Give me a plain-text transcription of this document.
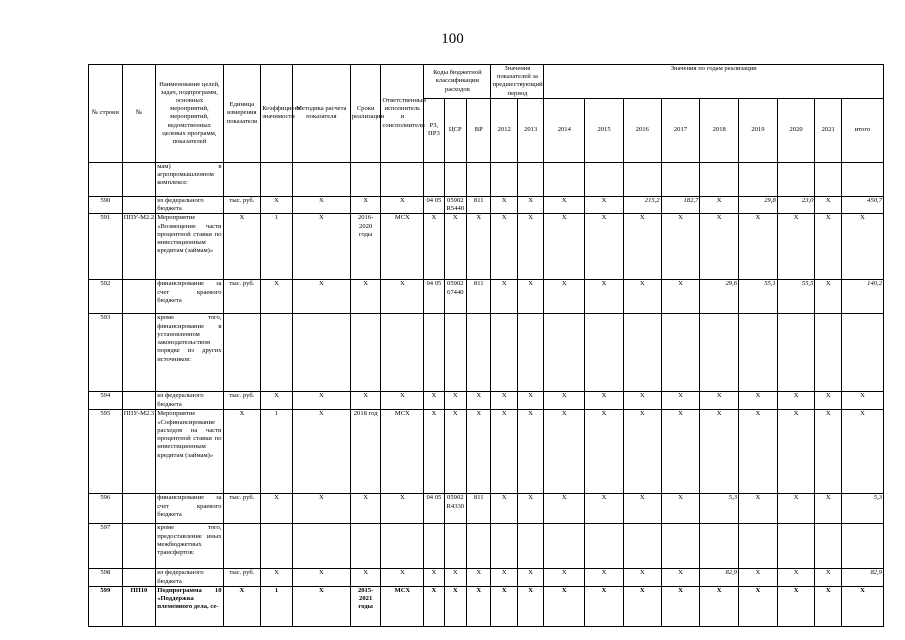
100
№ строки	№	Наименование целей, задач, подпрограмм, основных мероприятий, мероприятий, ведомственных целевых программ, показателей	Единица измерения показателя	Коэффициент значимости	Методика расчета показателя	Сроки реализации	Ответственный исполнитель и соисполнители	Коды бюджетной классификации расходов			Значения показателей за предшествующий период		Значения по годам реализации								
								РЗ, ПР3	ЦСР	ВР	2012	2013	2014	2015	2016	2017	2018	2019	2020	2021	итого
		мам) в агропромышленном комплексе:																			
590		из федерального бюджета	тыс. руб.	X	X	X	X	04 05	05902 R5440	811	X	X	X	X	215,2	182,7	X	29,8	23,0	X	450,7
591	ППУ-М2.2	Мероприятие «Возмещение части процентной ставки по инвестиционным кредитам (займам)»	X	1	X	2016-2020 годы	МСХ	X	X	X	X	X	X	X	X	X	X	X	X	X	X
592		финансирование за счет краевого бюджета	тыс. руб.	X	X	X	X	04 05	05902 67440	811	X	X	X	X	X	X	29,6	55,1	55,5	X	140,2
593		кроме того, финансирование в установленном законодательством порядке из других источников:																			
594		из федерального бюджета	тыс. руб.	X	X	X	X	X	X	X	X	X	X	X	X	X	X	X	X	X	X
595	ППУ-М2.3	Мероприятие «Софинансирование расходов на части процентной ставки по инвестиционным кредитам (займам)»	X	1	X	2018 год	МСХ	X	X	X	X	X	X	X	X	X	X	X	X	X	X
596		финансирование за счет краевого бюджета	тыс. руб.	X	X	X	X	04 05	05902 R4330	811	X	X	X	X	X	X	5,3	X	X	X	5,3
597		кроме того, предоставление иных межбюджетных трансфертов:																			
598		из федерального бюджета	тыс. руб.	X	X	X	X	X	X	X	X	X	X	X	X	X	82,9	X	X	X	82,9
599	ПП10	Подпрограмма 10 «Поддержка племенного дела, се-	X	1	X	2015-2021 годы	МСХ	X	X	X	X	X	X	X	X	X	X	X	X	X	X
